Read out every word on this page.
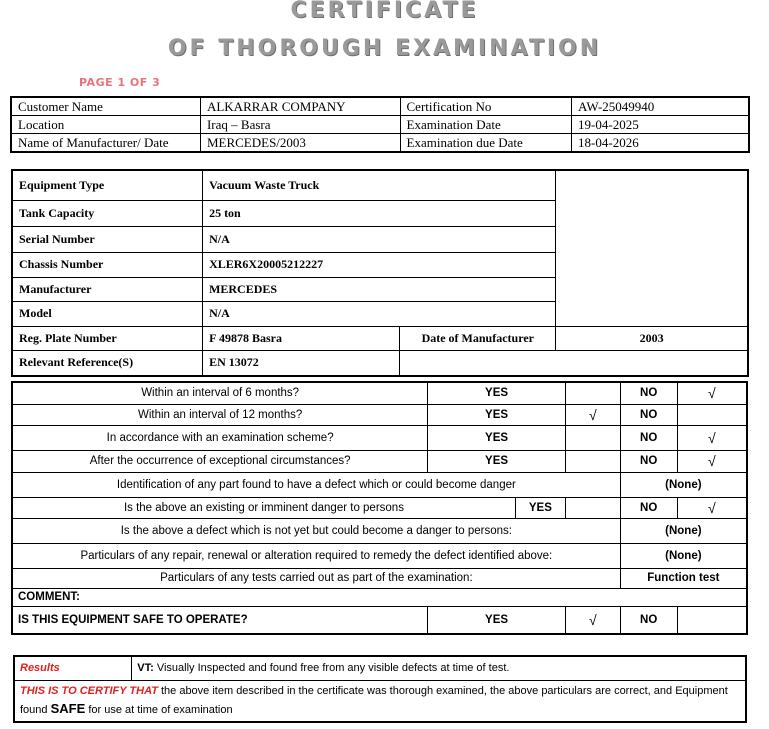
CERTIFICATE
OF THOROUGH EXAMINATION
PAGE 1 OF 3
Customer Name	ALKARRAR COMPANY	Certification No	AW-25049940
Location	Iraq – Basra	Examination Date	19-04-2025
Name of Manufacturer/ Date	MERCEDES/2003	Examination due Date	18-04-2026
Equipment Type	Vacuum Waste Truck		
Tank Capacity	25 ton		
Serial Number	N/A		
Chassis Number	XLER6X20005212227		
Manufacturer	MERCEDES		
Model	N/A		
Reg. Plate Number	F 49878 Basra	Date of Manufacturer	2003
Relevant Reference(S)	EN 13072		
Within an interval of 6 months?	YES			NO	√
Within an interval of 12 months?	YES		√	NO	
In accordance with an examination scheme?	YES			NO	√
After the occurrence of exceptional circumstances?	YES			NO	√
Identification of any part found to have a defect which or could become danger				(None)	
Is the above an existing or imminent danger to persons		YES		NO	√
Is the above a defect which is not yet but could become a danger to persons:				(None)	
Particulars of any repair, renewal or alteration required to remedy the defect identified above:				(None)	
Particulars of any tests carried out as part of the examination:				Function test	
COMMENT:					
IS THIS EQUIPMENT SAFE TO OPERATE?	YES		√	NO	
Results	VT: Visually Inspected and found free from any visible defects at time of test.
THIS IS TO CERTIFY THAT the above item described in the certificate was thorough examined, the above particulars are correct, and Equipment found SAFE for use at time of examination
